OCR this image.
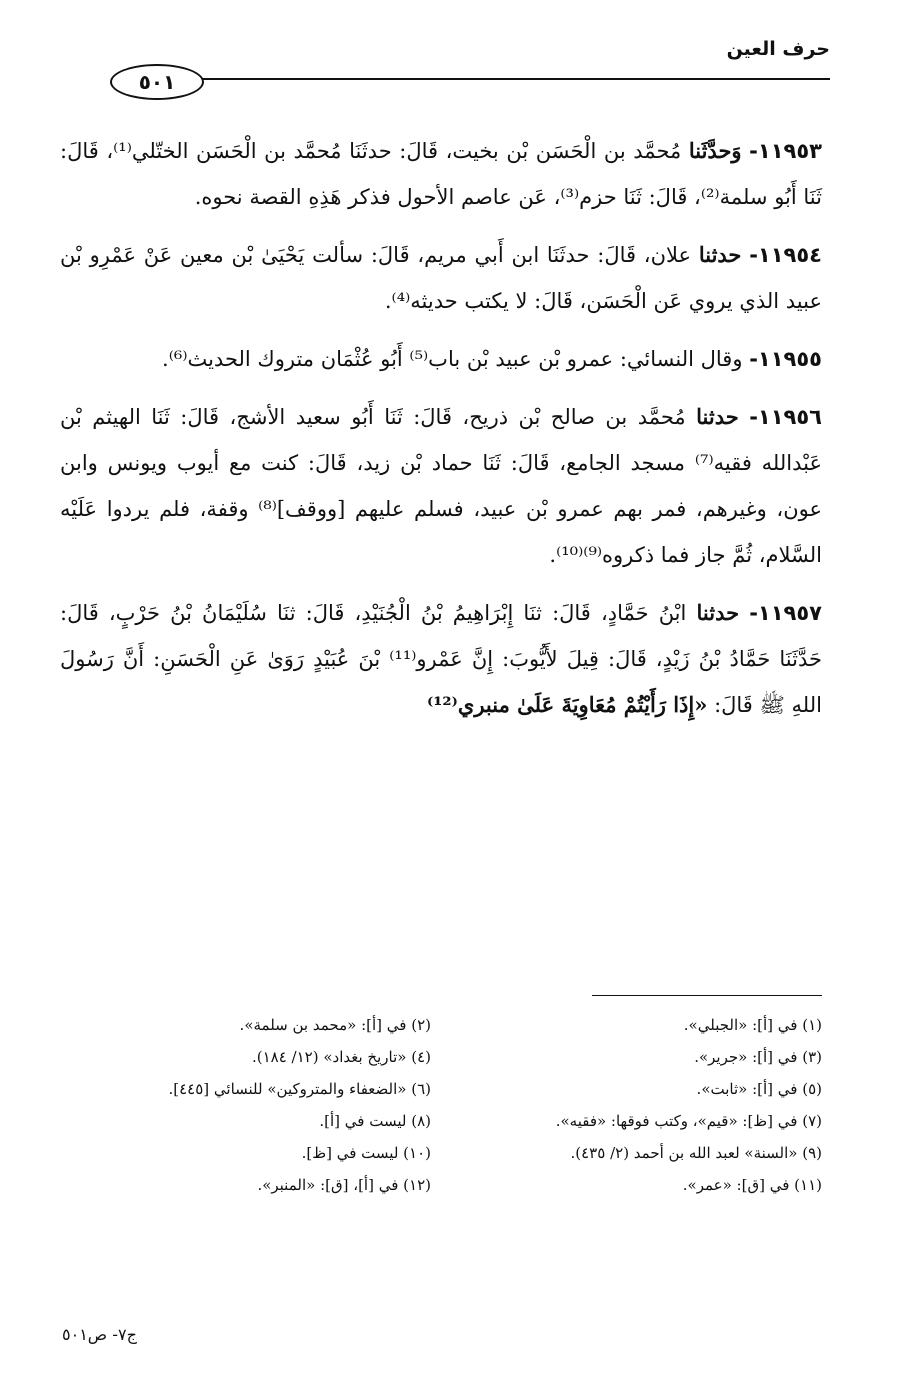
حرف العين
٥٠١

١١٩٥٣- وَحدَّثَنا مُحمَّد بن الْحَسَن بْن بخيت، قَالَ: حدثَنَا مُحمَّد بن الْحَسَن الختّلي⁽¹⁾، قَالَ: ثَنَا أَبُو سلمة⁽²⁾، قَالَ: ثَنَا حزم⁽³⁾، عَن عاصم الأحول فذكر هَذِهِ القصة نحوه.

١١٩٥٤- حدثنا علان، قَالَ: حدثَنَا ابن أَبي مريم، قَالَ: سألت يَحْيَىٰ بْن معين عَنْ عَمْرِو بْن عبيد الذي يروي عَن الْحَسَن، قَالَ: لا يكتب حديثه⁽⁴⁾.

١١٩٥٥- وقال النسائي: عمرو بْن عبيد بْن باب⁽⁵⁾ أَبُو عُثْمَان متروك الحديث⁽⁶⁾.

١١٩٥٦- حدثنا مُحمَّد بن صالح بْن ذريح، قَالَ: ثَنَا أَبُو سعيد الأشج، قَالَ: ثَنَا الهيثم بْن عَبْدالله فقيه⁽⁷⁾ مسجد الجامع، قَالَ: ثَنَا حماد بْن زيد، قَالَ: كنت مع أيوب ويونس وابن عون، وغيرهم، فمر بهم عمرو بْن عبيد، فسلم عليهم [ووقف]⁽⁸⁾ وقفة، فلم يردوا عَلَيْه السَّلام، ثُمَّ جاز فما ذكروه⁽⁹⁾⁽¹⁰⁾.

١١٩٥٧- حدثنا ابْنُ حَمَّادٍ، قَالَ: ثنَا إِبْرَاهِيمُ بْنُ الْجُنَيْدِ، قَالَ: ثنَا سُلَيْمَانُ بْنُ حَرْبٍ، قَالَ: حَدَّثَنَا حَمَّادُ بْنُ زَيْدٍ، قَالَ: قِيلَ لأَيُّوبَ: إِنَّ عَمْرو⁽¹¹⁾ بْنَ عُبَيْدٍ رَوَىٰ عَنِ الْحَسَنِ: أَنَّ رَسُولَ اللهِ ﷺ قَالَ: «إِذَا رَأَيْتُمْ مُعَاوِيَةَ عَلَىٰ منبري⁽¹²⁾

(١) في [أ]: «الجبلي».
(٢) في [أ]: «محمد بن سلمة».
(٣) في [أ]: «جرير».
(٤) «تاريخ بغداد» (١٢/ ١٨٤).
(٥) في [أ]: «ثابت».
(٦) «الضعفاء والمتروكين» للنسائي [٤٤٥].
(٧) في [ظ]: «قيم»، وكتب فوقها: «فقيه».
(٨) ليست في [أ].
(٩) «السنة» لعبد الله بن أحمد (٢/ ٤٣٥).
(١٠) ليست في [ظ].
(١١) في [ق]: «عمر».
(١٢) في [أ]، [ق]: «المنبر».
ج٧- ص٥٠١
